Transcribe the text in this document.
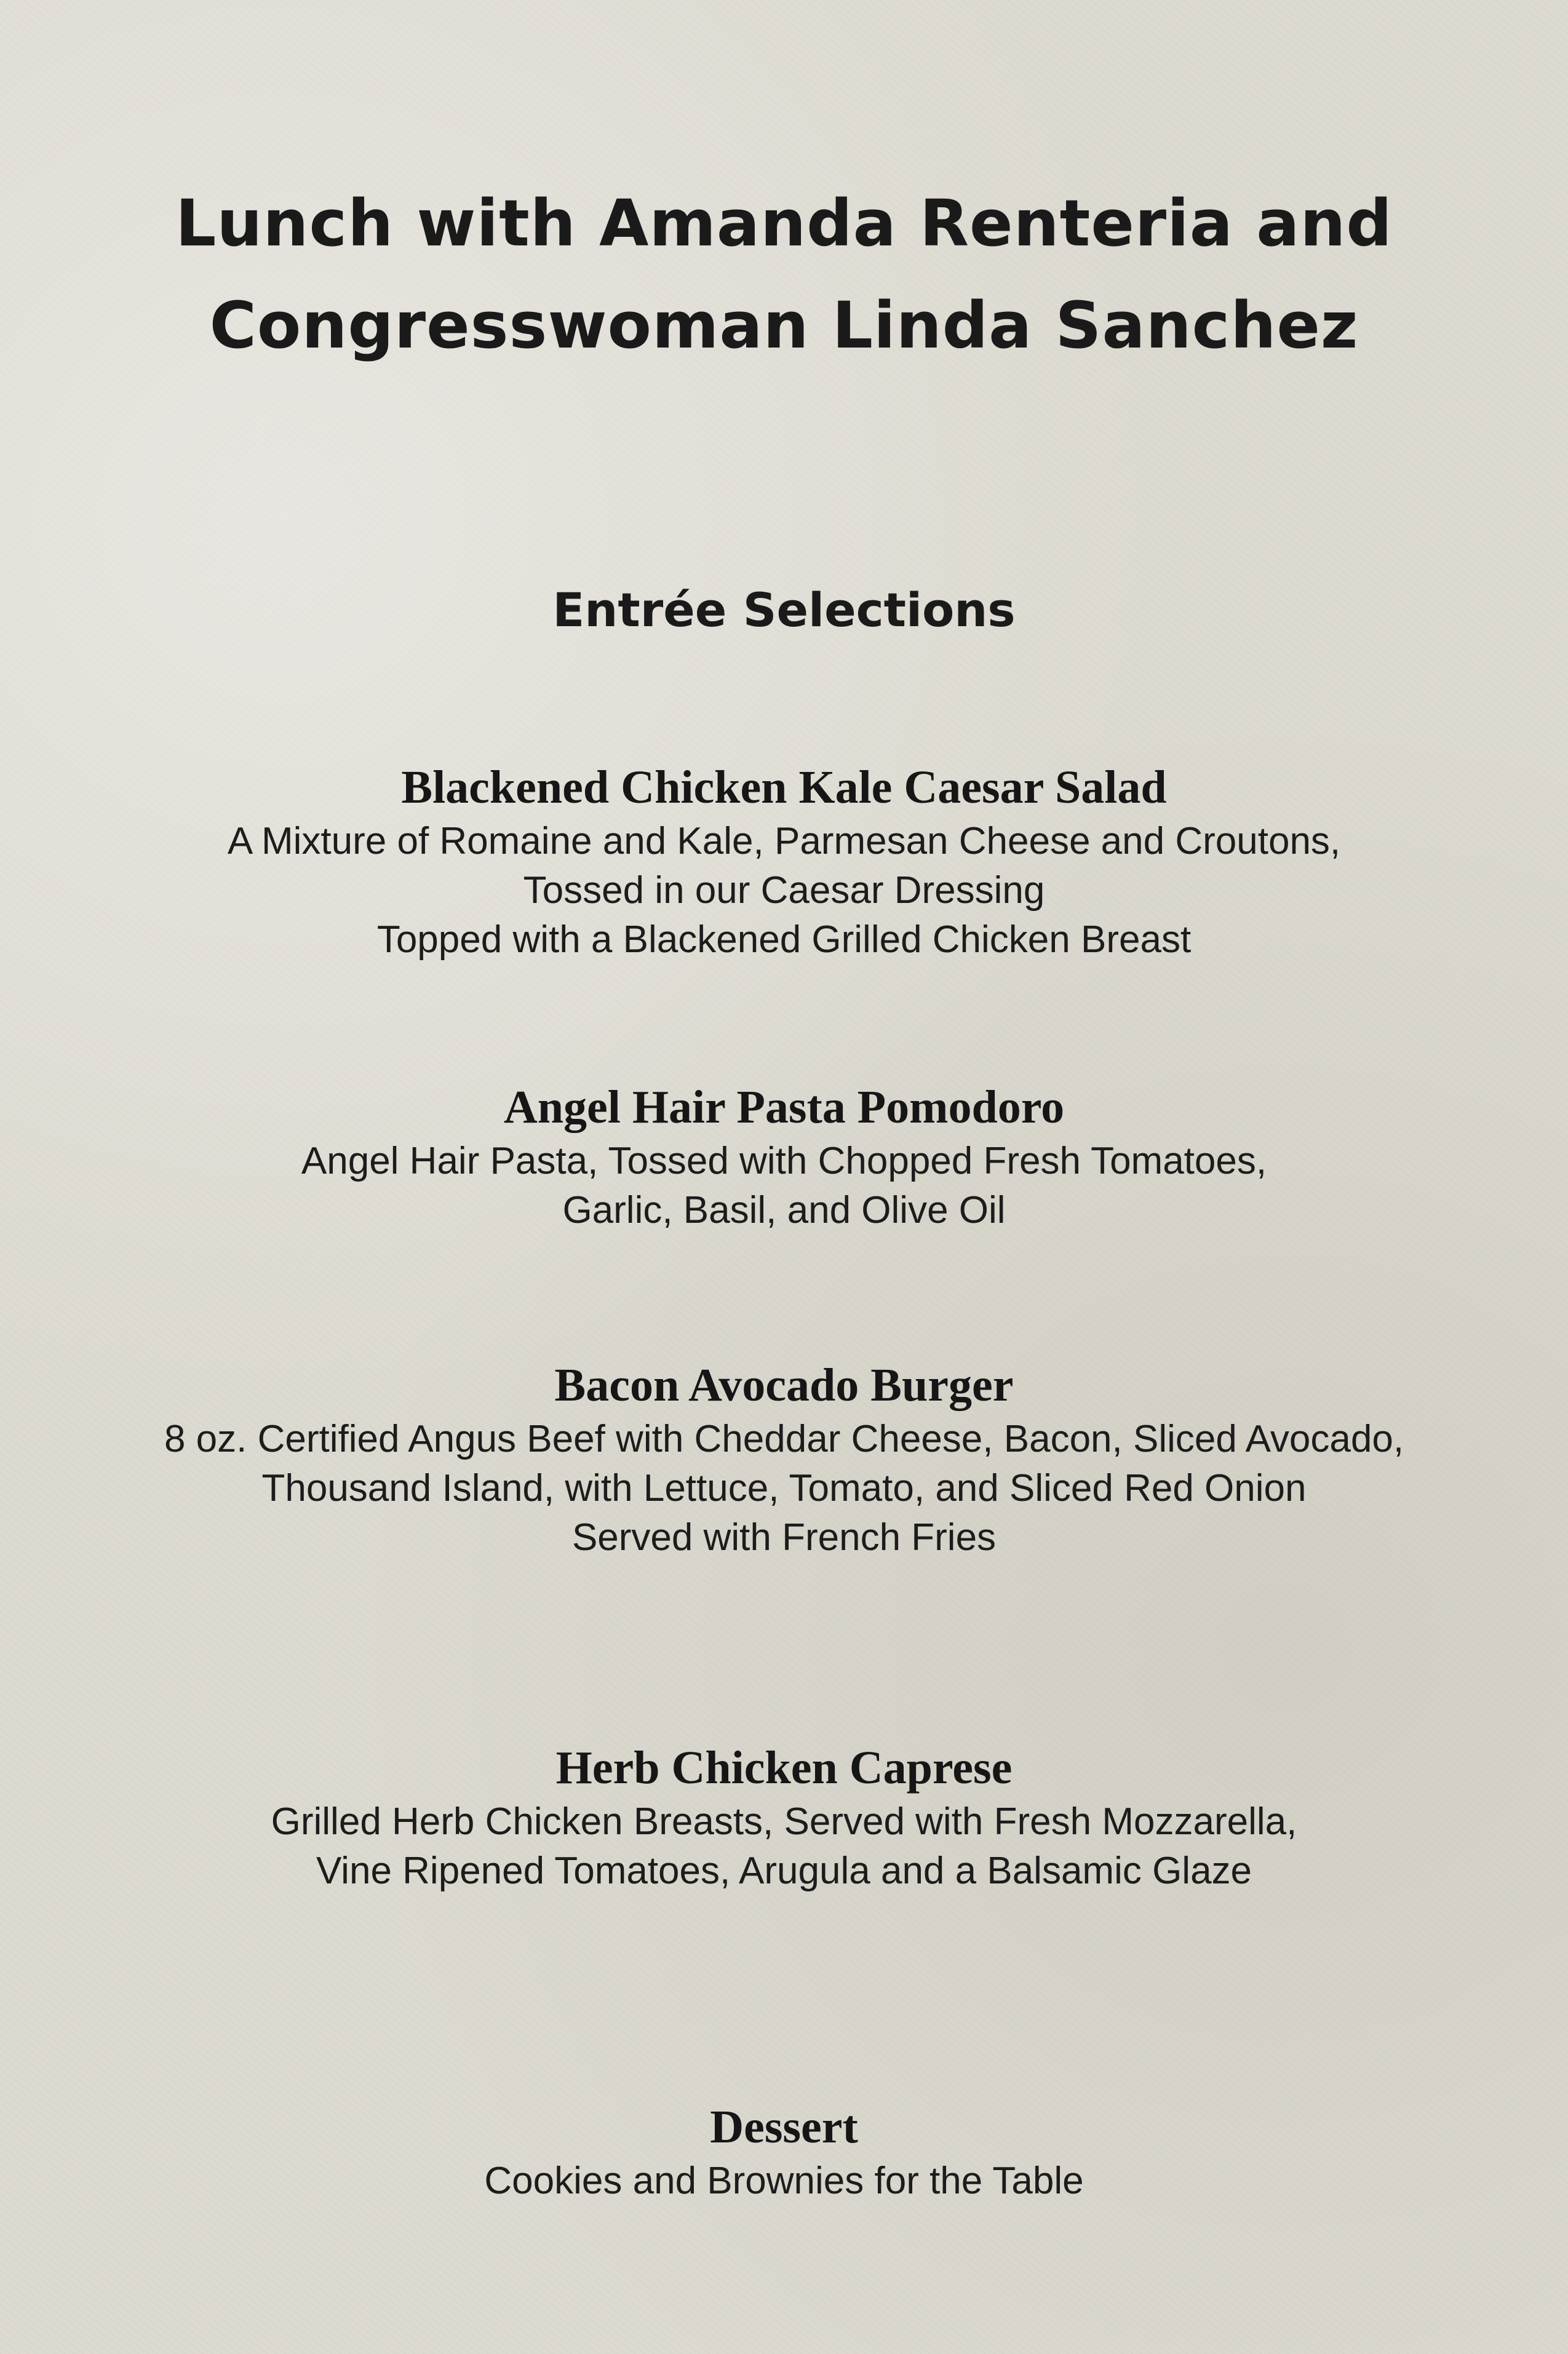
Lunch with Amanda Renteria and
Congresswoman Linda Sanchez
Entrée Selections
Blackened Chicken Kale Caesar Salad
A Mixture of Romaine and Kale, Parmesan Cheese and Croutons,
Tossed in our Caesar Dressing
Topped with a Blackened Grilled Chicken Breast
Angel Hair Pasta Pomodoro
Angel Hair Pasta, Tossed with Chopped Fresh Tomatoes,
Garlic, Basil, and Olive Oil
Bacon Avocado Burger
8 oz. Certified Angus Beef with Cheddar Cheese, Bacon, Sliced Avocado,
Thousand Island, with Lettuce, Tomato, and Sliced Red Onion
Served with French Fries
Herb Chicken Caprese
Grilled Herb Chicken Breasts, Served with Fresh Mozzarella,
Vine Ripened Tomatoes, Arugula and a Balsamic Glaze
Dessert
Cookies and Brownies for the Table
